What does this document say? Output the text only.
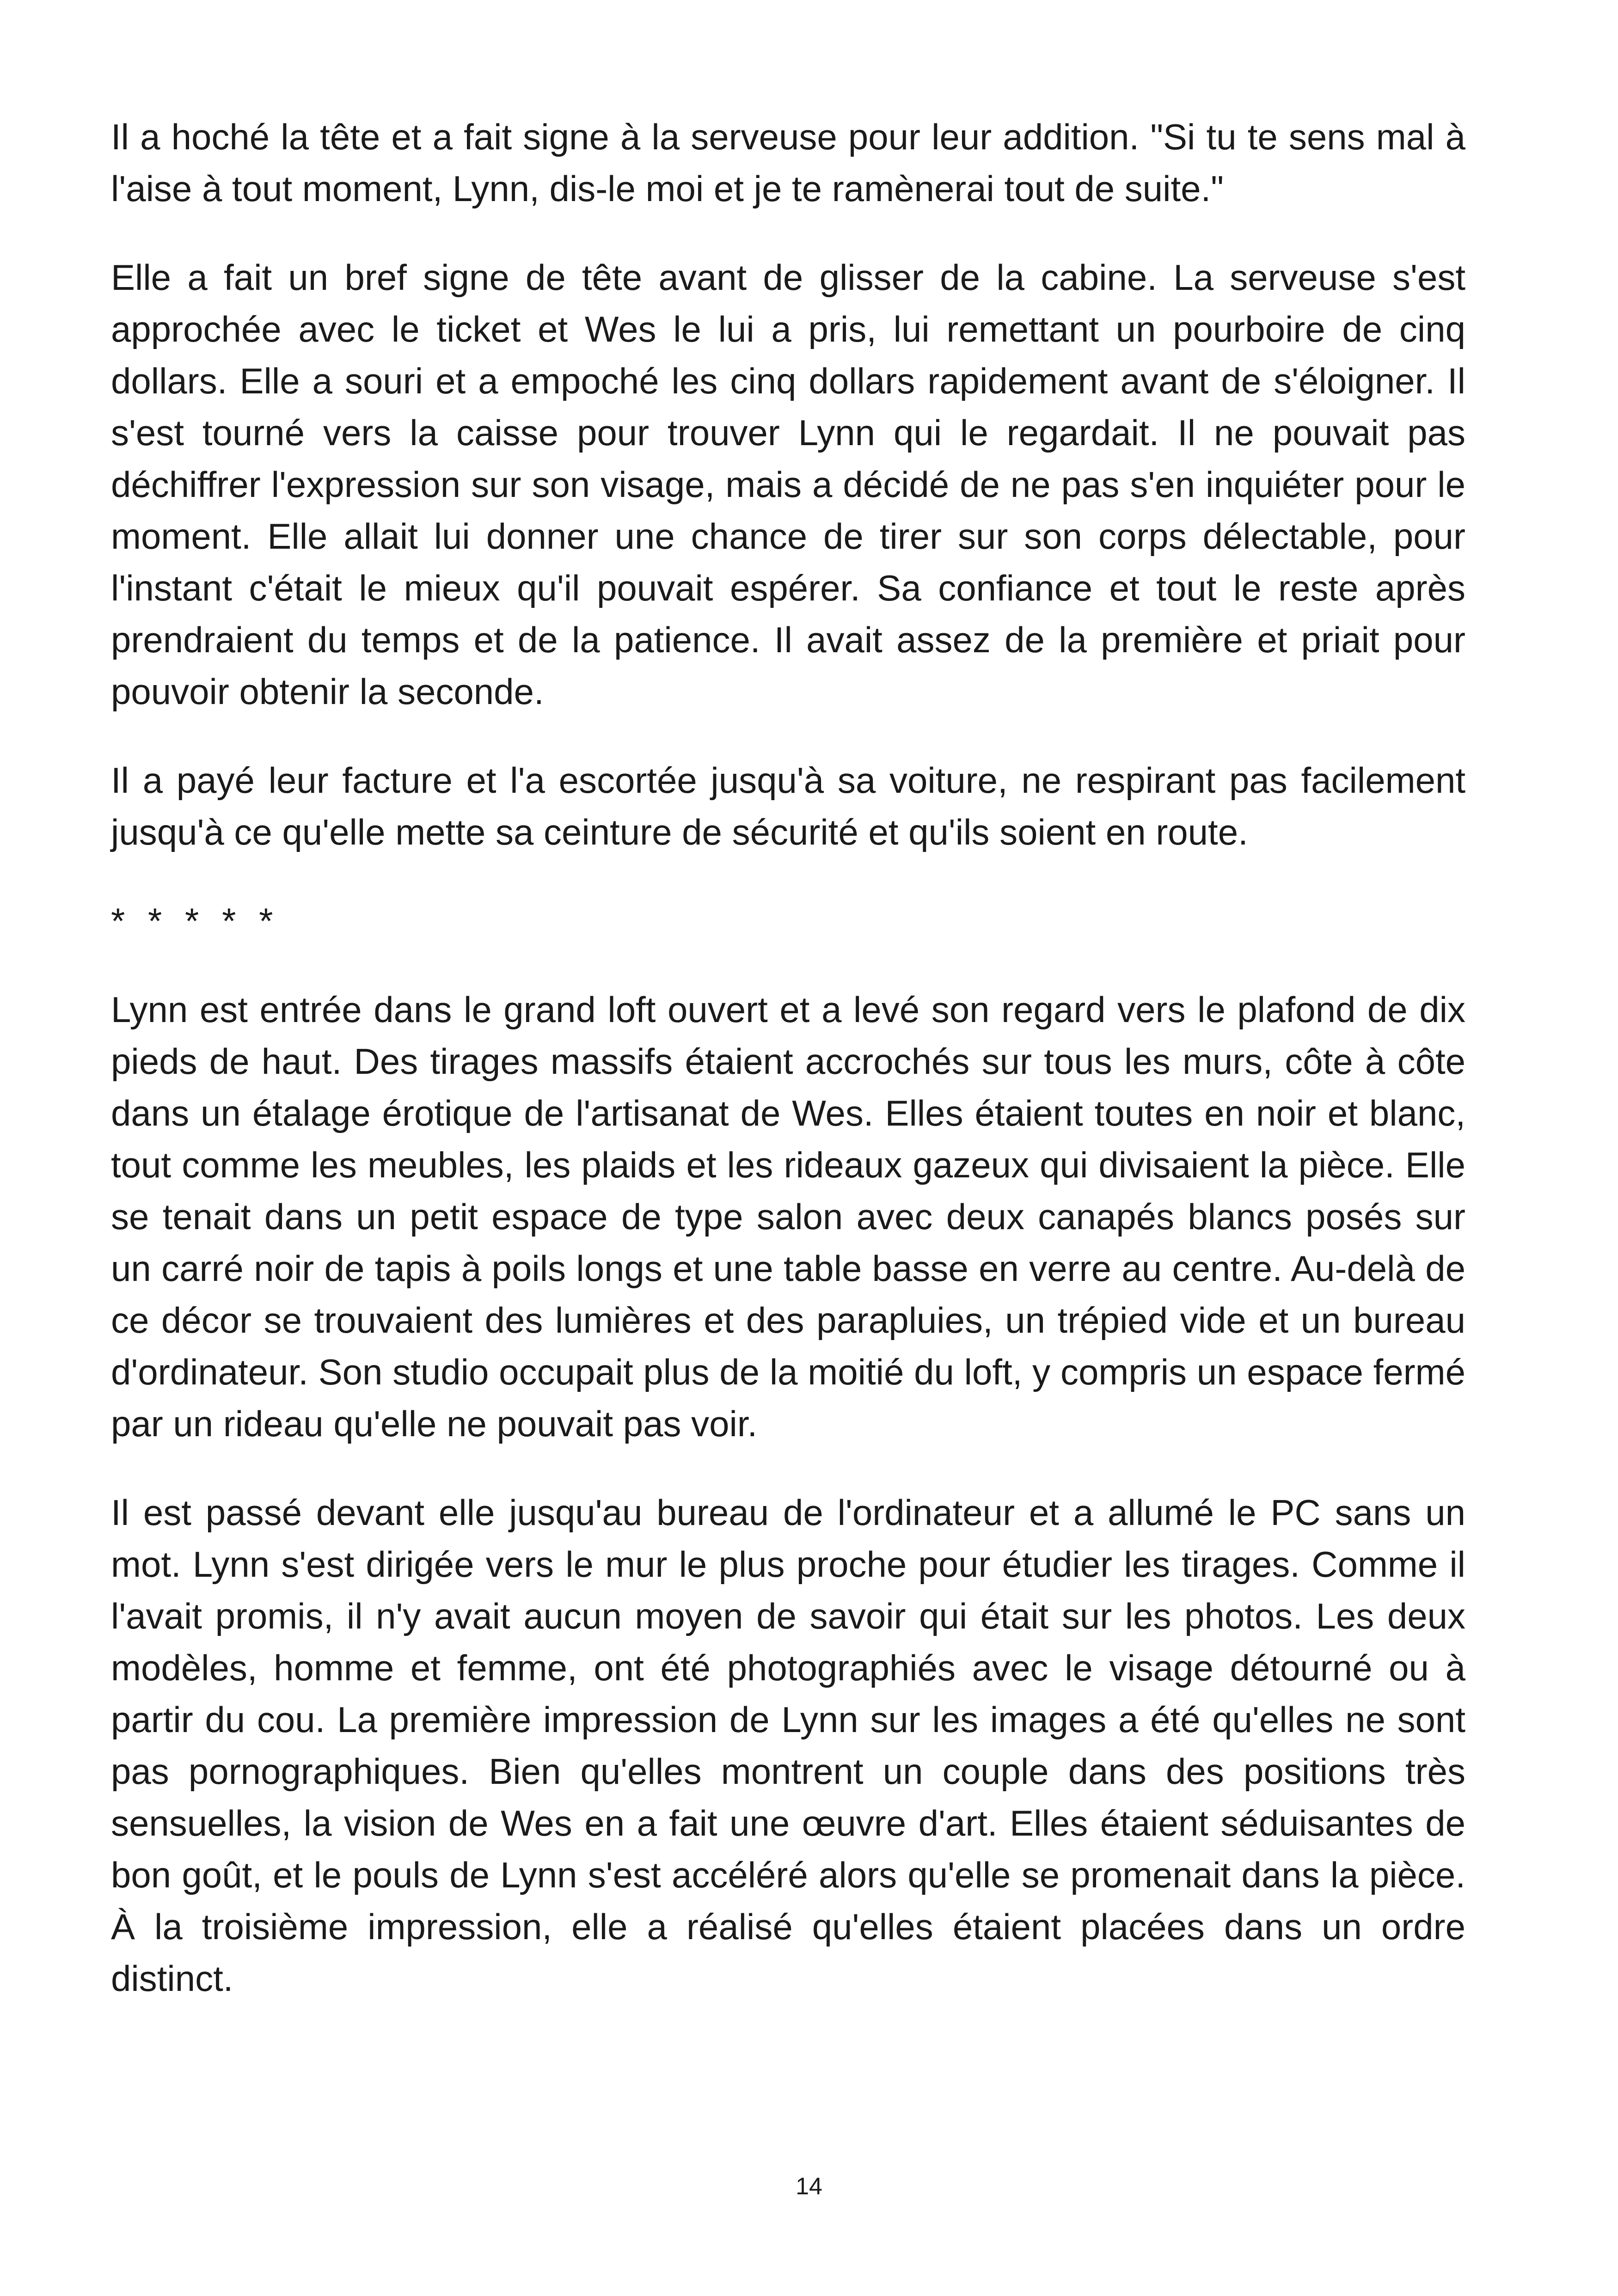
Il a hoché la tête et a fait signe à la serveuse pour leur addition. "Si tu te sens mal à l'aise à tout moment, Lynn, dis-le moi et je te ramènerai tout de suite."

Elle a fait un bref signe de tête avant de glisser de la cabine. La serveuse s'est approchée avec le ticket et Wes le lui a pris, lui remettant un pourboire de cinq dollars. Elle a souri et a empoché les cinq dollars rapidement avant de s'éloigner. Il s'est tourné vers la caisse pour trouver Lynn qui le regardait. Il ne pouvait pas déchiffrer l'expression sur son visage, mais a décidé de ne pas s'en inquiéter pour le moment. Elle allait lui donner une chance de tirer sur son corps délectable, pour l'instant c'était le mieux qu'il pouvait espérer. Sa confiance et tout le reste après prendraient du temps et de la patience. Il avait assez de la première et priait pour pouvoir obtenir la seconde.

Il a payé leur facture et l'a escortée jusqu'à sa voiture, ne respirant pas facilement jusqu'à ce qu'elle mette sa ceinture de sécurité et qu'ils soient en route.

* * * * *

Lynn est entrée dans le grand loft ouvert et a levé son regard vers le plafond de dix pieds de haut. Des tirages massifs étaient accrochés sur tous les murs, côte à côte dans un étalage érotique de l'artisanat de Wes. Elles étaient toutes en noir et blanc, tout comme les meubles, les plaids et les rideaux gazeux qui divisaient la pièce. Elle se tenait dans un petit espace de type salon avec deux canapés blancs posés sur un carré noir de tapis à poils longs et une table basse en verre au centre. Au-delà de ce décor se trouvaient des lumières et des parapluies, un trépied vide et un bureau d'ordinateur. Son studio occupait plus de la moitié du loft, y compris un espace fermé par un rideau qu'elle ne pouvait pas voir.

Il est passé devant elle jusqu'au bureau de l'ordinateur et a allumé le PC sans un mot. Lynn s'est dirigée vers le mur le plus proche pour étudier les tirages. Comme il l'avait promis, il n'y avait aucun moyen de savoir qui était sur les photos. Les deux modèles, homme et femme, ont été photographiés avec le visage détourné ou à partir du cou. La première impression de Lynn sur les images a été qu'elles ne sont pas pornographiques. Bien qu'elles montrent un couple dans des positions très sensuelles, la vision de Wes en a fait une œuvre d'art. Elles étaient séduisantes de bon goût, et le pouls de Lynn s'est accéléré alors qu'elle se promenait dans la pièce. À la troisième impression, elle a réalisé qu'elles étaient placées dans un ordre distinct.

14
